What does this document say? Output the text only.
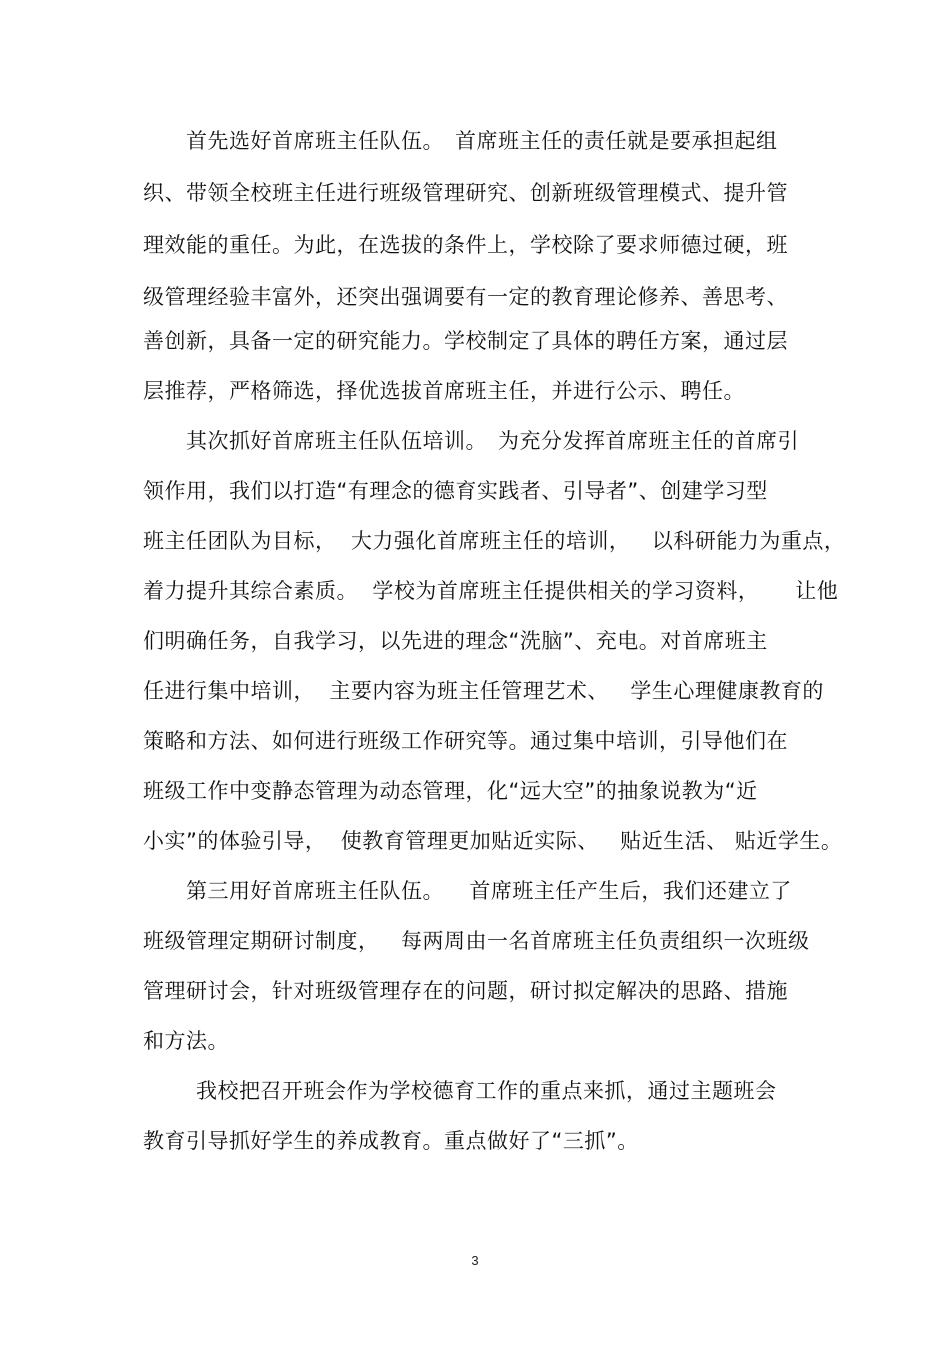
首先选好首席班主任队伍。　首席班主任的责任就是要承担起组
织、带领全校班主任进行班级管理研究、创新班级管理模式、提升管
理效能的重任。为此，在选拔的条件上，学校除了要求师德过硬，班
级管理经验丰富外，还突出强调要有一定的教育理论修养、善思考、
善创新，具备一定的研究能力。学校制定了具体的聘任方案，通过层
层推荐，严格筛选，择优选拔首席班主任，并进行公示、聘任。
其次抓好首席班主任队伍培训。　为充分发挥首席班主任的首席引
领作用，我们以打造“有理念的德育实践者、引导者”、创建学习型
班主任团队为目标，  大力强化首席班主任的培训，   以科研能力为重点，
着力提升其综合素质。  学校为首席班主任提供相关的学习资料，     让他
们明确任务，自我学习，以先进的理念“洗脑”、充电。对首席班主
任进行集中培训，  主要内容为班主任管理艺术、   学生心理健康教育的
策略和方法、如何进行班级工作研究等。通过集中培训，引导他们在
班级工作中变静态管理为动态管理，化“远大空”的抽象说教为“近
小实”的体验引导，  使教育管理更加贴近实际、   贴近生活、 贴近学生。
第三用好首席班主任队伍。　  首席班主任产生后，我们还建立了
班级管理定期研讨制度，   每两周由一名首席班主任负责组织一次班级
管理研讨会，针对班级管理存在的问题，研讨拟定解决的思路、措施
和方法。
我校把召开班会作为学校德育工作的重点来抓，通过主题班会
教育引导抓好学生的养成教育。重点做好了“三抓”。
3
